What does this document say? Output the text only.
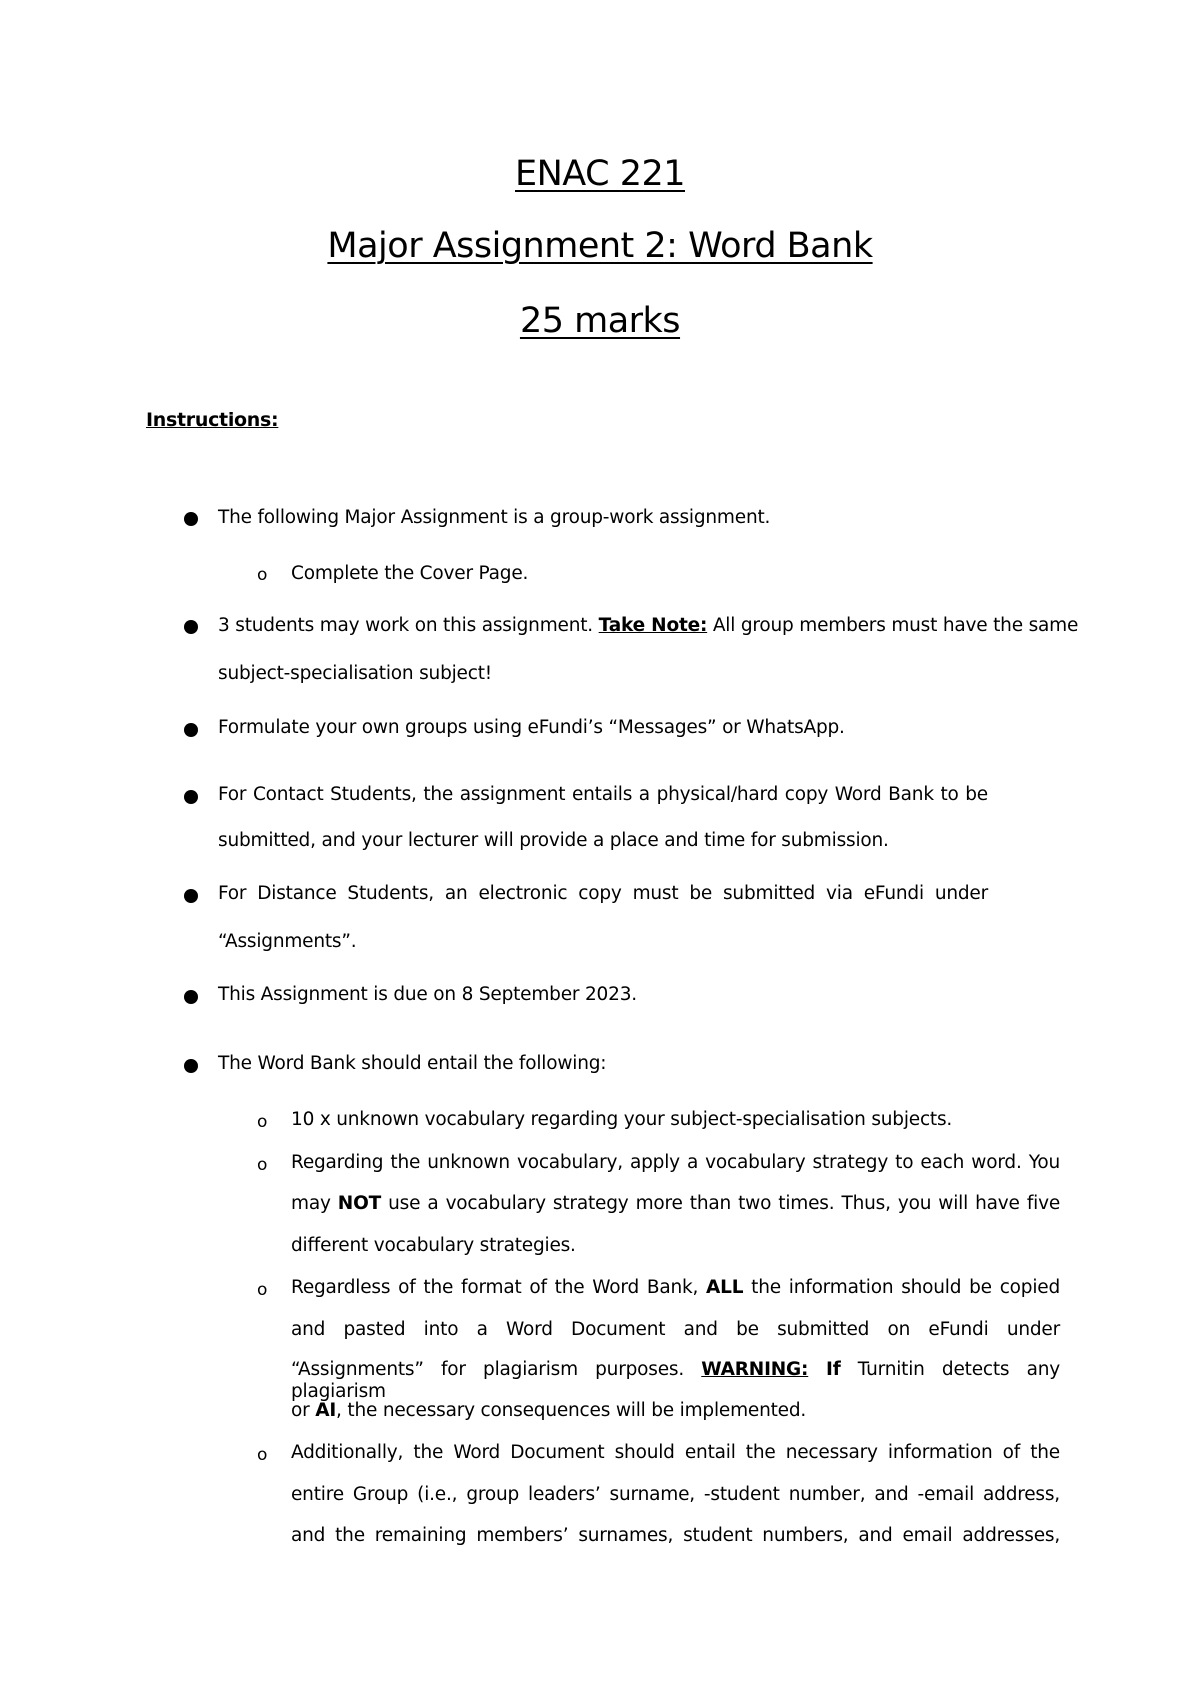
ENAC 221
Major Assignment 2: Word Bank
25 marks
Instructions:
The following Major Assignment is a group-work assignment.
o Complete the Cover Page.
3 students may work on this assignment. Take Note: All group members must have the same
subject-specialisation subject!
Formulate your own groups using eFundi’s “Messages” or WhatsApp.
For Contact Students, the assignment entails a physical/hard copy Word Bank to be
submitted, and your lecturer will provide a place and time for submission.
For Distance Students, an electronic copy must be submitted via eFundi under
“Assignments”.
This Assignment is due on 8 September 2023.
The Word Bank should entail the following:
o 10 x unknown vocabulary regarding your subject-specialisation subjects.
o Regarding the unknown vocabulary, apply a vocabulary strategy to each word. You
may NOT use a vocabulary strategy more than two times. Thus, you will have five
different vocabulary strategies.
o Regardless of the format of the Word Bank, ALL the information should be copied
and pasted into a Word Document and be submitted on eFundi under
“Assignments” for plagiarism purposes. WARNING: If Turnitin detects any plagiarism
or AI, the necessary consequences will be implemented.
o Additionally, the Word Document should entail the necessary information of the
entire Group (i.e., group leaders’ surname, -student number, and -email address,
and the remaining members’ surnames, student numbers, and email addresses,
